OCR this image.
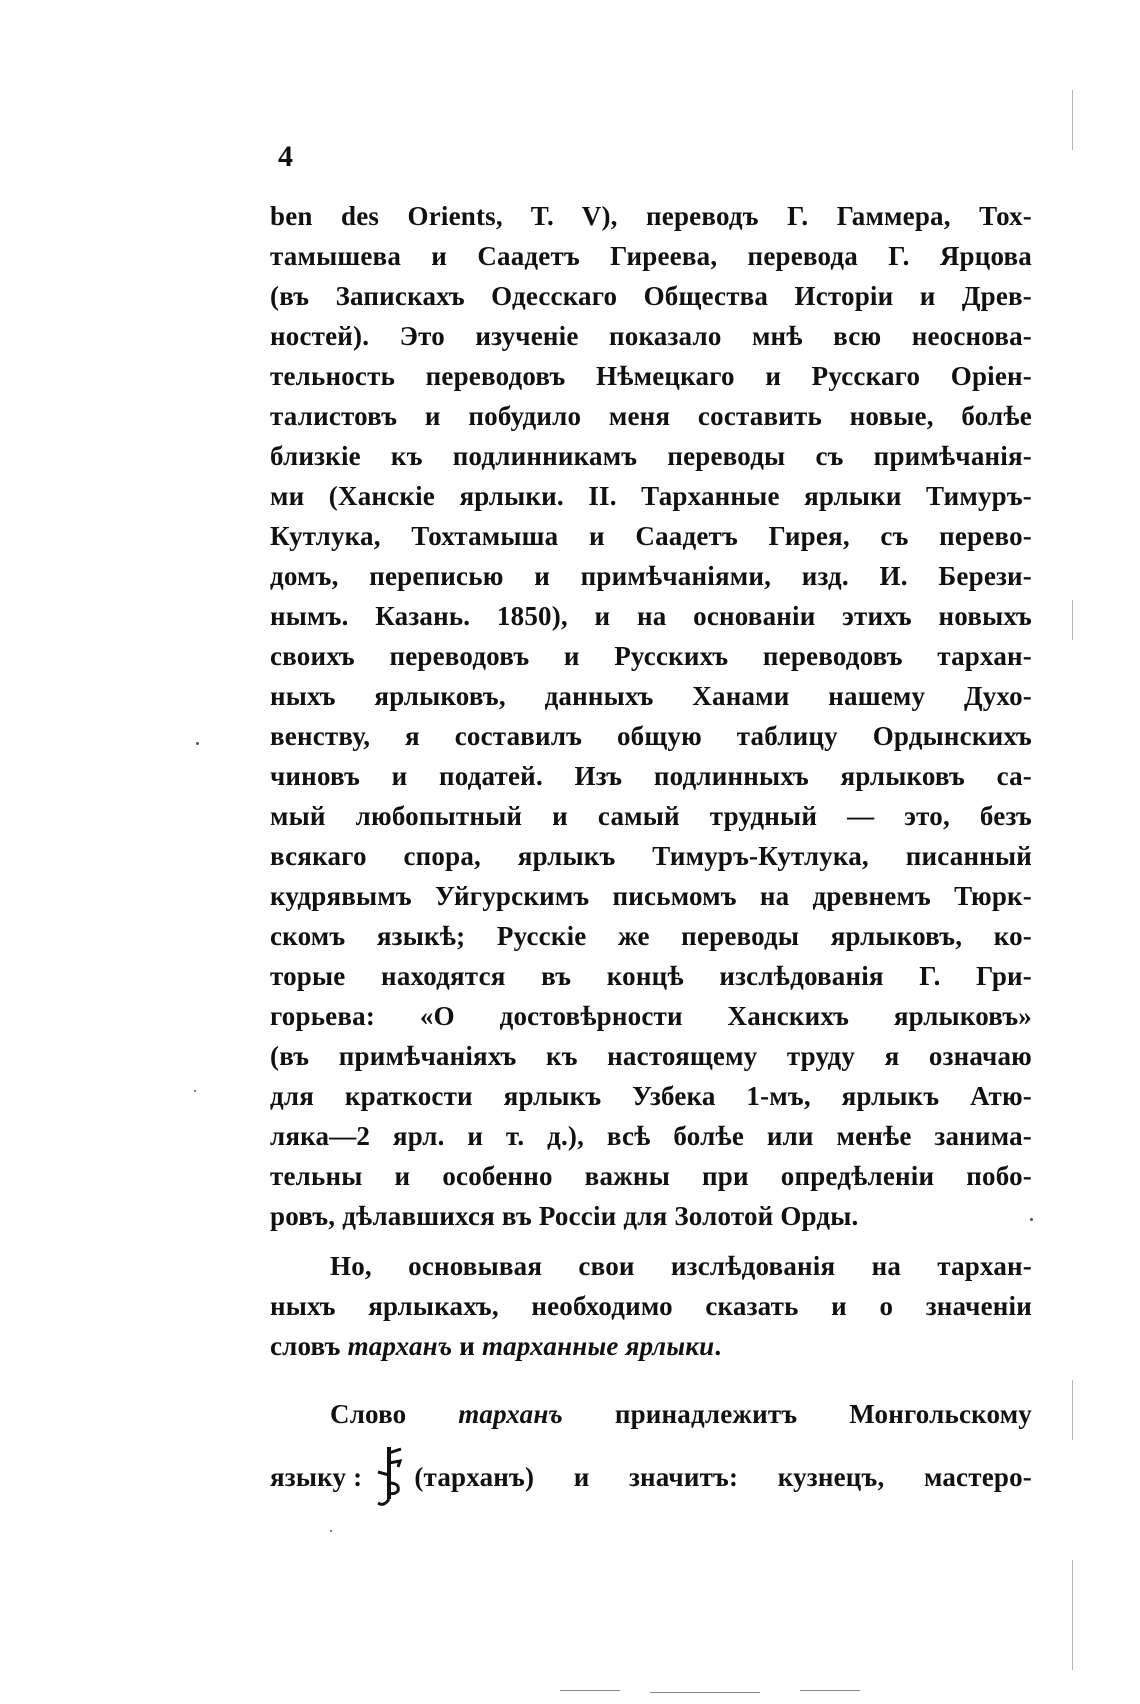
4
ben des Orients, T. V), переводъ Г. Гаммера, Тох-
тамышева и Саадетъ Гиреева, перевода Г. Ярцова
(въ Запискахъ Одесскаго Общества Исторіи и Древ-
ностей). Это изученіе показало мнѣ всю неоснова-
тельность переводовъ Нѣмецкаго и Русскаго Оріен-
талистовъ и побудило меня составить новые, болѣе
близкіе къ подлинникамъ переводы съ примѣчанія-
ми (Ханскіе ярлыки. II. Тарханные ярлыки Тимуръ-
Кутлука, Тохтамыша и Саадетъ Гирея, съ перево-
домъ, переписью и примѣчаніями, изд. И. Берези-
нымъ. Казань. 1850), и на основаніи этихъ новыхъ
своихъ переводовъ и Русскихъ переводовъ тархан-
ныхъ ярлыковъ, данныхъ Ханами нашему Духо-
венству, я составилъ общую таблицу Ордынскихъ
чиновъ и податей. Изъ подлинныхъ ярлыковъ са-
мый любопытный и самый трудный — это, безъ
всякаго спора, ярлыкъ Тимуръ-Кутлука, писанный
кудрявымъ Уйгурскимъ письмомъ на древнемъ Тюрк-
скомъ языкѣ; Русскіе же переводы ярлыковъ, ко-
торые находятся въ концѣ изслѣдованія Г. Гри-
горьева: «О достовѣрности Ханскихъ ярлыковъ»
(въ примѣчаніяхъ къ настоящему труду я означаю
для краткости ярлыкъ Узбека 1-мъ, ярлыкъ Атю-
ляка—2 ярл. и т. д.), всѣ болѣе или менѣе занима-
тельны и особенно важны при опредѣленіи побо-
ровъ, дѣлавшихся въ Россіи для Золотой Орды.
Но, основывая свои изслѣдованія на тархан-
ныхъ ярлыкахъ, необходимо сказать и о значеніи
словъ тарханъ и тарханные ярлыки.
Слово тарханъ принадлежитъ Монгольскому
языку : (тарханъ) и значитъ: кузнецъ, мастеро-
